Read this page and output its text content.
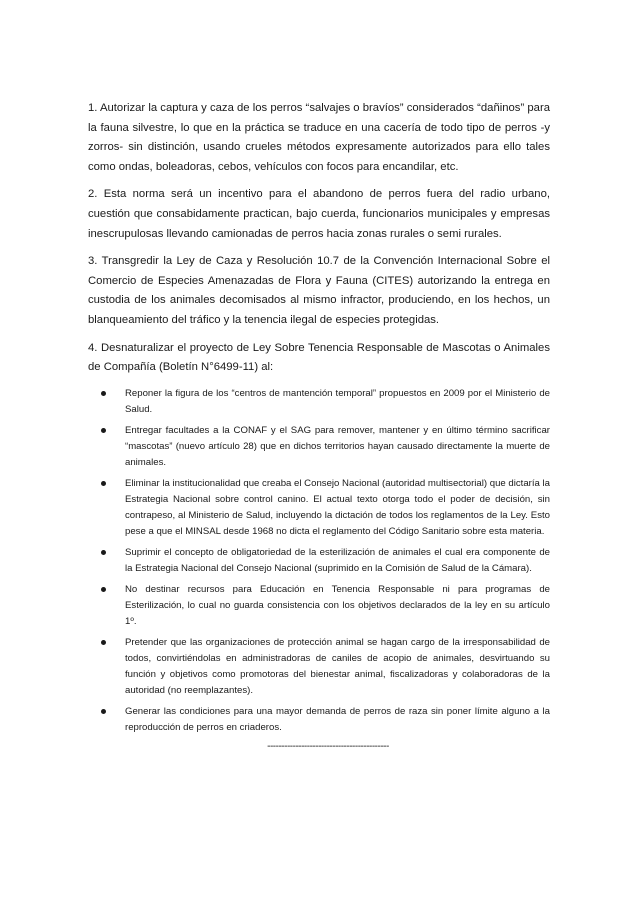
1. Autorizar la captura y caza de los perros “salvajes o bravíos” considerados “dañinos” para la fauna silvestre, lo que en la práctica se traduce en una cacería de todo tipo de perros -y zorros- sin distinción, usando crueles métodos expresamente autorizados para ello tales como ondas, boleadoras, cebos, vehículos con focos para encandilar, etc.

2. Esta norma será un incentivo para el abandono de perros fuera del radio urbano, cuestión que consabidamente practican, bajo cuerda, funcionarios municipales y empresas inescrupulosas llevando camionadas de perros hacia zonas rurales o semi rurales.

3. Transgredir la Ley de Caza y Resolución 10.7 de la Convención Internacional Sobre el Comercio de Especies Amenazadas de Flora y Fauna (CITES) autorizando la entrega en custodia de los animales decomisados al mismo infractor, produciendo, en los hechos, un blanqueamiento del tráfico y la tenencia ilegal de especies protegidas.

4. Desnaturalizar el proyecto de Ley Sobre Tenencia Responsable de Mascotas o Animales de Compañía (Boletín N°6499-11) al:

Reponer la figura de los “centros de mantención temporal” propuestos en 2009 por el Ministerio de Salud.
Entregar facultades a la CONAF y el SAG para remover, mantener y en último término sacrificar “mascotas” (nuevo artículo 28) que en dichos territorios hayan causado directamente la muerte de animales.
Eliminar la institucionalidad que creaba el Consejo Nacional (autoridad multisectorial) que dictaría la Estrategia Nacional sobre control canino. El actual texto otorga todo el poder de decisión, sin contrapeso, al Ministerio de Salud, incluyendo la dictación de todos los reglamentos de la Ley. Esto pese a que el MINSAL desde 1968 no dicta el reglamento del Código Sanitario sobre esta materia.
Suprimir el concepto de obligatoriedad de la esterilización de animales el cual era componente de la Estrategia Nacional del Consejo Nacional (suprimido en la Comisión de Salud de la Cámara).
No destinar recursos para Educación en Tenencia Responsable ni para programas de Esterilización, lo cual no guarda consistencia con los objetivos declarados de la ley en su artículo 1º.
Pretender que las organizaciones de protección animal se hagan cargo de la irresponsabilidad de todos, convirtiéndolas en administradoras de caniles de acopio de animales, desvirtuando su función y objetivos como promotoras del bienestar animal, fiscalizadoras y colaboradoras de la autoridad (no reemplazantes).
Generar las condiciones para una mayor demanda de perros de raza sin poner límite alguno a la reproducción de perros en criaderos.
-------------------------------------------
